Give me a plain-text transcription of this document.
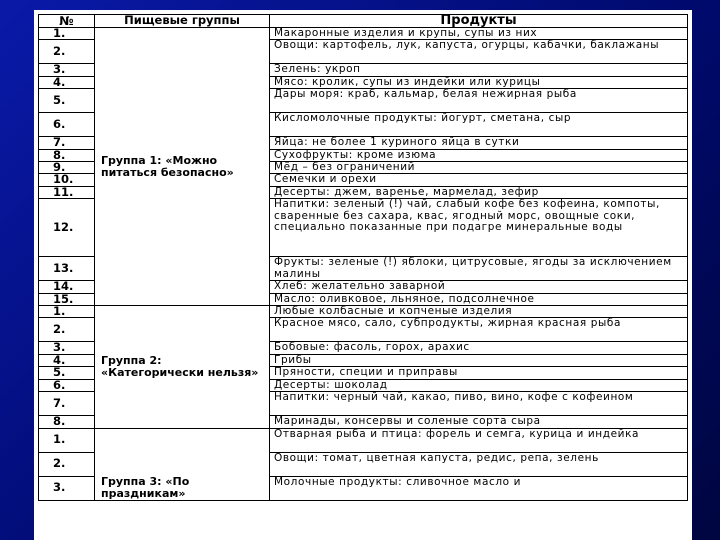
№	Пищевые группы	Продукты
1.	Группа 1: «Можно питаться безопасно»	Макаронные изделия и крупы, супы из них
2.		Овощи: картофель, лук, капуста, огурцы, кабачки, баклажаны
3.		Зелень: укроп
4.		Мясо: кролик, супы из индейки или курицы
5.		Дары моря: краб, кальмар, белая нежирная рыба
6.		Кисломолочные продукты: йогурт, сметана, сыр
7.		Яйца: не более 1 куриного яйца в сутки
8.		Сухофрукты: кроме изюма
9.		Мёд – без ограничений
10.		Семечки и орехи
11.		Десерты: джем, варенье, мармелад, зефир
12.		Напитки: зеленый (!) чай, слабый кофе без кофеина, компоты, сваренные без сахара, квас, ягодный морс, овощные соки, специально показанные при подагре минеральные воды
13.		Фрукты: зеленые (!) яблоки, цитрусовые, ягоды за исключением малины
14.		Хлеб: желательно заварной
15.		Масло: оливковое, льняное, подсолнечное
1.	Группа 2: «Категорически нельзя»	Любые колбасные и копченые изделия
2.		Красное мясо, сало, субпродукты, жирная красная рыба
3.		Бобовые: фасоль, горох, арахис
4.		Грибы
5.		Пряности, специи и приправы
6.		Десерты: шоколад
7.		Напитки: черный чай, какао, пиво, вино, кофе с кофеином
8.		Маринады, консервы и соленые сорта сыра
1.	Группа 3: «По праздникам»	Отварная рыба и птица: форель и семга, курица и индейка
2.		Овощи: томат, цветная капуста, редис, репа, зелень
3.		Молочные продукты: сливочное масло и
